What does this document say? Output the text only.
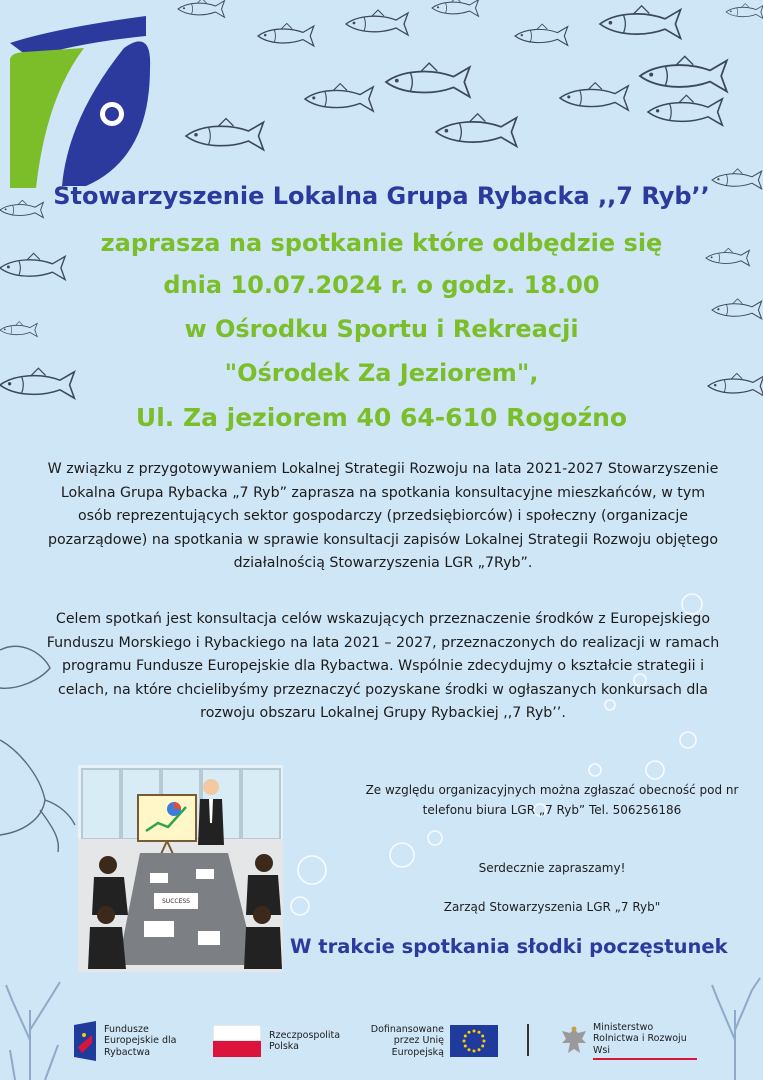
Stowarzyszenie Lokalna Grupa Rybacka ,,7 Ryb’’
zaprasza na spotkanie które odbędzie się
dnia 10.07.2024 r. o godz. 18.00
w Ośrodku Sportu i Rekreacji
"Ośrodek Za Jeziorem",
Ul. Za jeziorem 40 64-610 Rogoźno
W związku z przygotowywaniem Lokalnej Strategii Rozwoju na lata 2021-2027 Stowarzyszenie Lokalna Grupa Rybacka „7 Ryb” zaprasza na spotkania konsultacyjne mieszkańców, w tym osób reprezentujących sektor gospodarczy (przedsiębiorców) i społeczny (organizacje pozarządowe) na spotkania w sprawie konsultacji zapisów Lokalnej Strategii Rozwoju objętego działalnością Stowarzyszenia LGR „7Ryb”.
Celem spotkań jest konsultacja celów wskazujących przeznaczenie środków z Europejskiego Funduszu Morskiego i Rybackiego na lata 2021 – 2027, przeznaczonych do realizacji w ramach programu Fundusze Europejskie dla Rybactwa. Wspólnie zdecydujmy o kształcie strategii i celach, na które chcielibyśmy przeznaczyć pozyskane środki w ogłaszanych konkursach dla rozwoju obszaru Lokalnej Grupy Rybackiej ,,7 Ryb’’.
SUCCESS
Ze względu organizacyjnych można zgłaszać obecność pod nr telefonu biura LGR „7 Ryb” Tel. 506256186
Serdecznie zapraszamy!
Zarząd Stowarzyszenia LGR „7 Ryb"
W trakcie spotkania słodki poczęstunek
Fundusze Europejskie dla Rybactwa
Rzeczpospolita Polska
Dofinansowane przez Unię Europejską
Ministerstwo Rolnictwa i Rozwoju Wsi
